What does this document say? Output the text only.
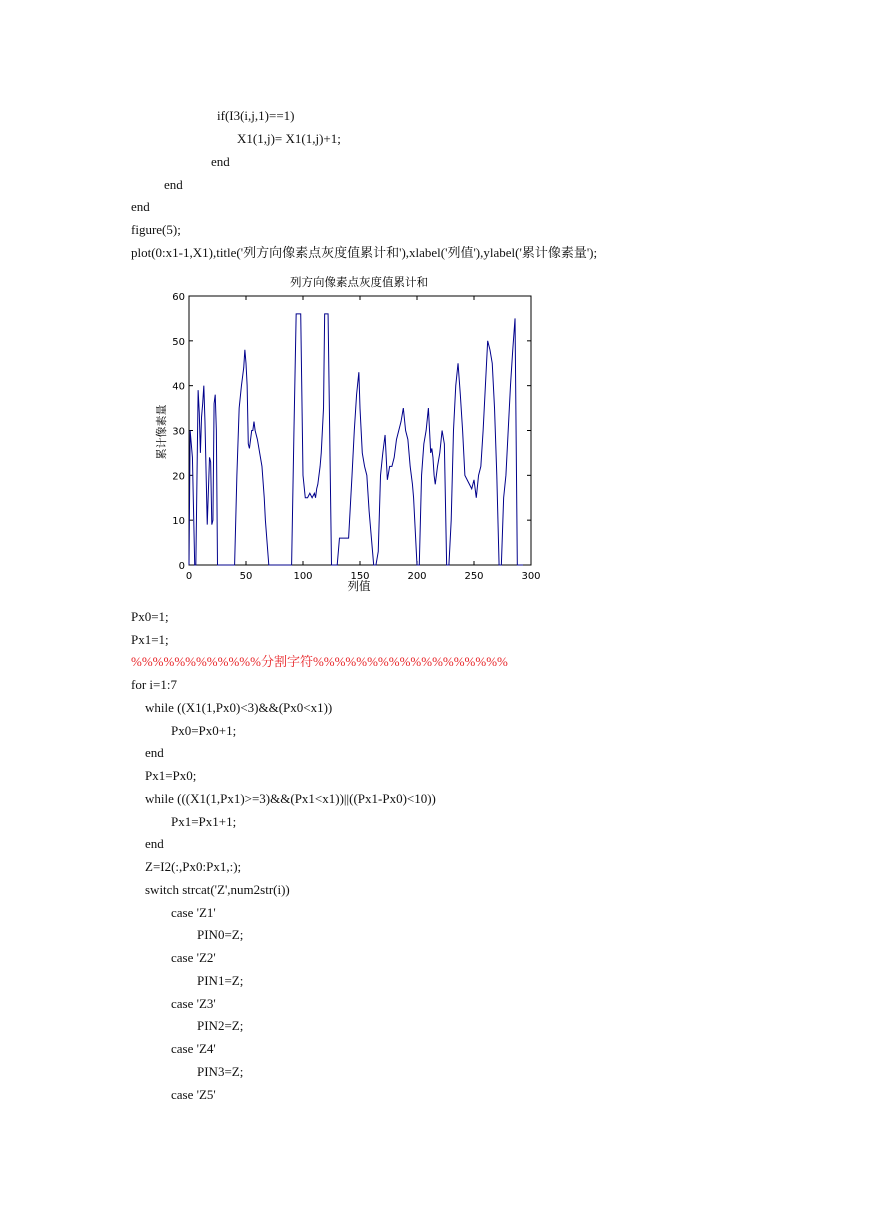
if(I3(i,j,1)==1)
X1(1,j)= X1(1,j)+1;
end
end
end
figure(5);
plot(0:x1-1,X1),title('列方向像素点灰度值累计和'),xlabel('列值'),ylabel('累计像素量');
列方向像素点灰度值累计和
0
10
20
30
40
50
60
0	50	100	150	200	250	300
列值
累计像素量
Px0=1;
Px1=1;
%%%%%%%%%%%%分割字符%%%%%%%%%%%%%%%%%%
for i=1:7
while ((X1(1,Px0)<3)&&(Px0<x1))
Px0=Px0+1;
end
Px1=Px0;
while (((X1(1,Px1)>=3)&&(Px1<x1))||((Px1-Px0)<10))
Px1=Px1+1;
end
Z=I2(:,Px0:Px1,:);
switch strcat('Z',num2str(i))
case 'Z1'
PIN0=Z;
case 'Z2'
PIN1=Z;
case 'Z3'
PIN2=Z;
case 'Z4'
PIN3=Z;
case 'Z5'
